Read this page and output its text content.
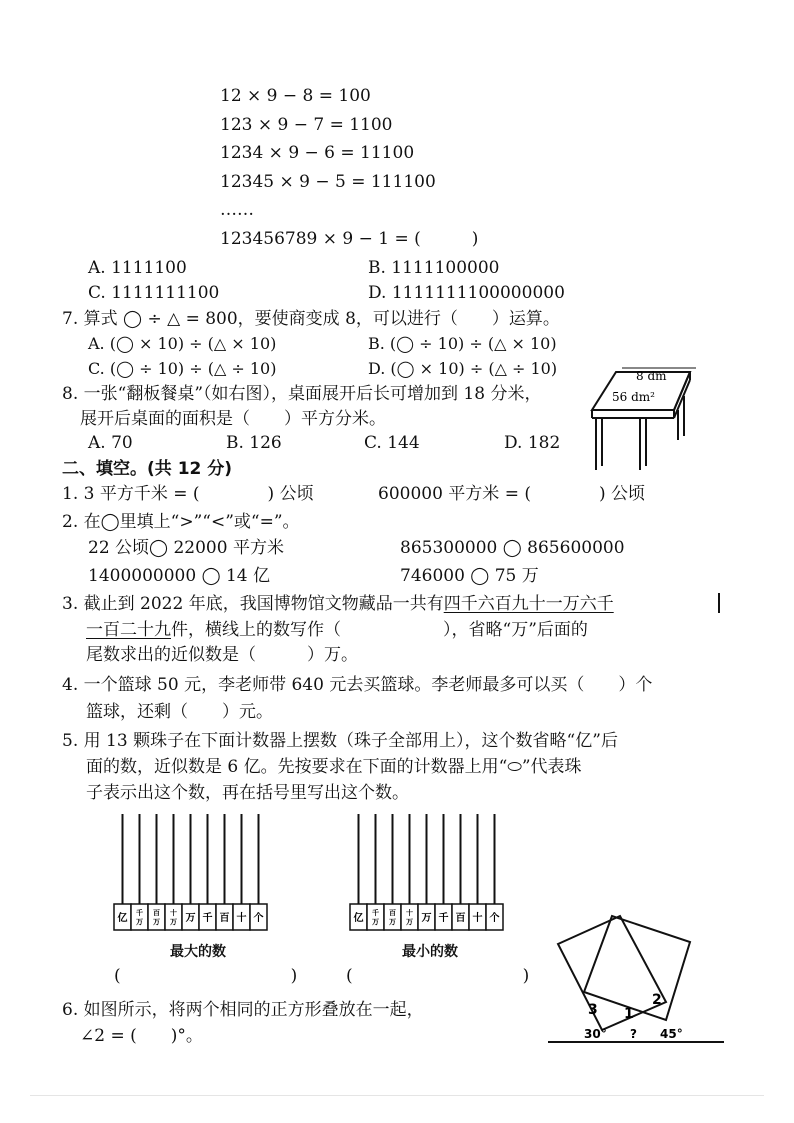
12 × 9 − 8 = 100
123 × 9 − 7 = 1100
1234 × 9 − 6 = 11100
12345 × 9 − 5 = 111100
……
123456789 × 9 − 1 = (　　　)
A. 1111100	B. 1111100000
C. 1111111100	D. 1111111100000000
7. 算式 ◯ ÷ △ = 800，要使商变成 8，可以进行（　　）运算。
A. (◯ × 10) ÷ (△ × 10)	B. (◯ ÷ 10) ÷ (△ × 10)
C. (◯ ÷ 10) ÷ (△ ÷ 10)	D. (◯ × 10) ÷ (△ ÷ 10)
8. 一张“翻板餐桌”（如右图），桌面展开后长可增加到 18 分米，
展开后桌面的面积是（　　）平方分米。
A. 70	B. 126	C. 144	D. 182
8 dm
56 dm²
二、填空。(共 12 分)
1. 3 平方千米 = (　　　　) 公顷	600000 平方米 = (　　　　) 公顷
2. 在◯里填上“>”“<”或“=”。
22 公顷◯ 22000 平方米	865300000 ◯ 865600000
1400000000 ◯ 14 亿	746000 ◯ 75 万
3. 截止到 2022 年底，我国博物馆文物藏品一共有四千六百九十一万六千
一百二十九件，横线上的数写作（　　　　　　），省略“万”后面的
尾数求出的近似数是（　　　）万。
4. 一个篮球 50 元，李老师带 640 元去买篮球。李老师最多可以买（　　）个
篮球，还剩（　　）元。
5. 用 13 颗珠子在下面计数器上摆数（珠子全部用上），这个数省略“亿”后
面的数，近似数是 6 亿。先按要求在下面的计数器上用“⬭”代表珠
子表示出这个数，再在括号里写出这个数。
亿 千万
百万
十万 万 千 百 十 个	亿 千万
百万
十万 万 千 百 十 个
最大的数	最小的数
(　　　　　　　　　　)	(　　　　　　　　　　)
6. 如图所示，将两个相同的正方形叠放在一起，
∠2 = (　　)°。
3 1
2
30° ? 45°
